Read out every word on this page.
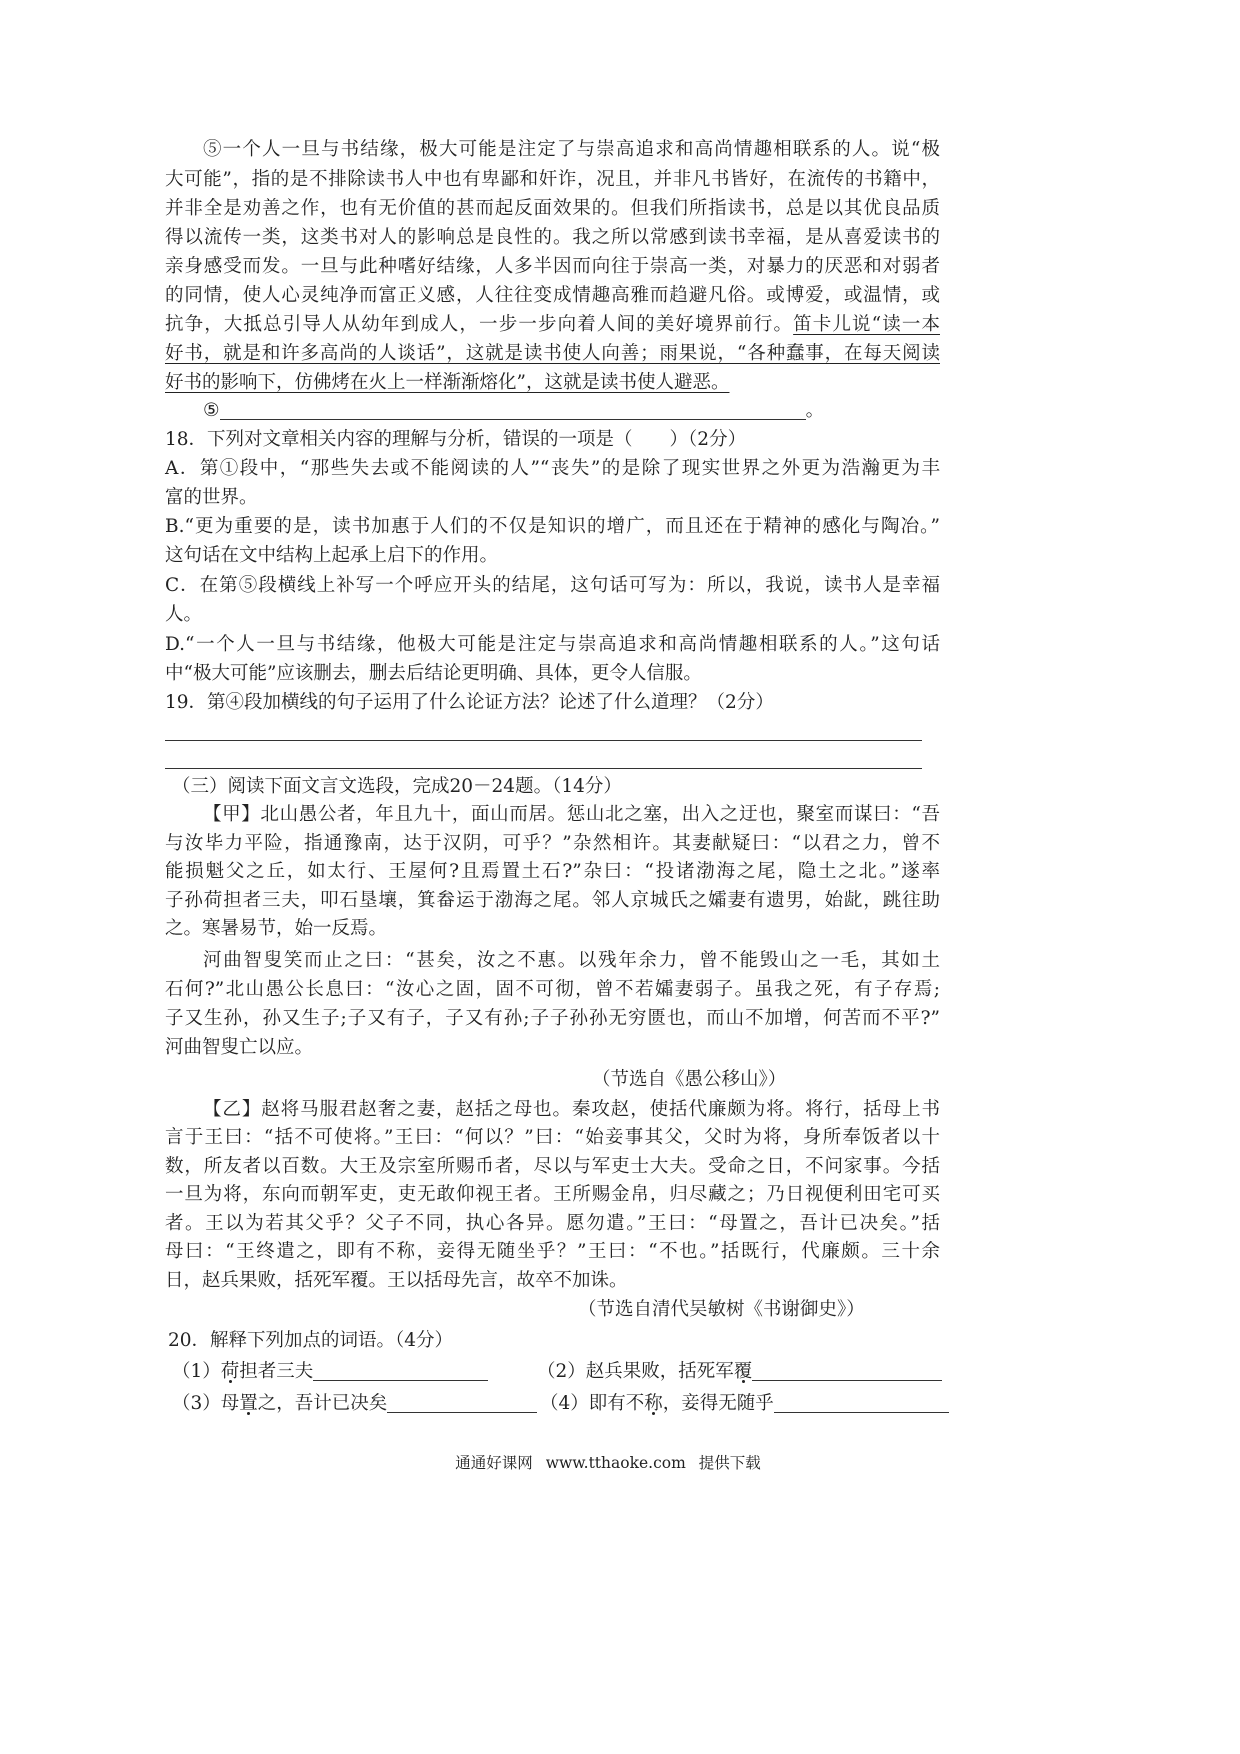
⑤一个人一旦与书结缘，极大可能是注定了与崇高追求和高尚情趣相联系的人。说“极
大可能”，指的是不排除读书人中也有卑鄙和奸诈，况且，并非凡书皆好，在流传的书籍中，
并非全是劝善之作，也有无价值的甚而起反面效果的。但我们所指读书，总是以其优良品质
得以流传一类，这类书对人的影响总是良性的。我之所以常感到读书幸福，是从喜爱读书的
亲身感受而发。一旦与此种嗜好结缘，人多半因而向往于崇高一类，对暴力的厌恶和对弱者
的同情，使人心灵纯净而富正义感，人往往变成情趣高雅而趋避凡俗。或博爱，或温情，或
抗争，大抵总引导人从幼年到成人，一步一步向着人间的美好境界前行。笛卡儿说“读一本
好书，就是和许多高尚的人谈话”，这就是读书使人向善；雨果说，“各种蠢事，在每天阅读
好书的影响下，仿佛烤在火上一样渐渐熔化”，这就是读书使人避恶。
⑤	。
18．下列对文章相关内容的理解与分析，错误的一项是（　　）（2分）
A．第①段中，“那些失去或不能阅读的人”“丧失”的是除了现实世界之外更为浩瀚更为丰
富的世界。
B.“更为重要的是，读书加惠于人们的不仅是知识的增广，而且还在于精神的感化与陶冶。”
这句话在文中结构上起承上启下的作用。
C．在第⑤段横线上补写一个呼应开头的结尾，这句话可写为：所以，我说，读书人是幸福
人。
D.“一个人一旦与书结缘，他极大可能是注定与崇高追求和高尚情趣相联系的人。”这句话
中“极大可能”应该删去，删去后结论更明确、具体，更令人信服。
19．第④段加横线的句子运用了什么论证方法？论述了什么道理？（2分）
（三）阅读下面文言文选段，完成20－24题。（14分）
【甲】北山愚公者，年且九十，面山而居。惩山北之塞，出入之迂也，聚室而谋曰：“吾
与汝毕力平险，指通豫南，达于汉阴，可乎？”杂然相许。其妻献疑曰：“以君之力，曾不
能损魁父之丘，如太行、王屋何?且焉置土石?”杂曰：“投诸渤海之尾，隐土之北。”遂率
子孙荷担者三夫，叩石垦壤，箕畚运于渤海之尾。邻人京城氏之孀妻有遗男，始龀，跳往助
之。寒暑易节，始一反焉。
河曲智叟笑而止之曰：“甚矣，汝之不惠。以残年余力，曾不能毁山之一毛，其如土
石何?”北山愚公长息曰：“汝心之固，固不可彻，曾不若孀妻弱子。虽我之死，有子存焉;
子又生孙，孙又生子;子又有子，子又有孙;子子孙孙无穷匮也，而山不加增，何苦而不平?”
河曲智叟亡以应。
（节选自《愚公移山》）
【乙】赵将马服君赵奢之妻，赵括之母也。秦攻赵，使括代廉颇为将。将行，括母上书
言于王曰：“括不可使将。”王曰：“何以？”曰：“始妾事其父，父时为将，身所奉饭者以十
数，所友者以百数。大王及宗室所赐币者，尽以与军吏士大夫。受命之日，不问家事。今括
一旦为将，东向而朝军吏，吏无敢仰视王者。王所赐金帛，归尽藏之；乃日视便利田宅可买
者。王以为若其父乎？父子不同，执心各异。愿勿遣。”王曰：“母置之，吾计已决矣。”括
母曰：“王终遣之，即有不称，妾得无随坐乎？”王曰：“不也。”括既行，代廉颇。三十余
日，赵兵果败，括死军覆。王以括母先言，故卒不加诛。
（节选自清代吴敏树《书谢御史》）
20．解释下列加点的词语。（4分）
（1）荷担者三夫	（2）赵兵果败，括死军覆
（3）母置之，吾计已决矣	（4）即有不称，妾得无随乎
通通好课网 www.tthaoke.com 提供下载
